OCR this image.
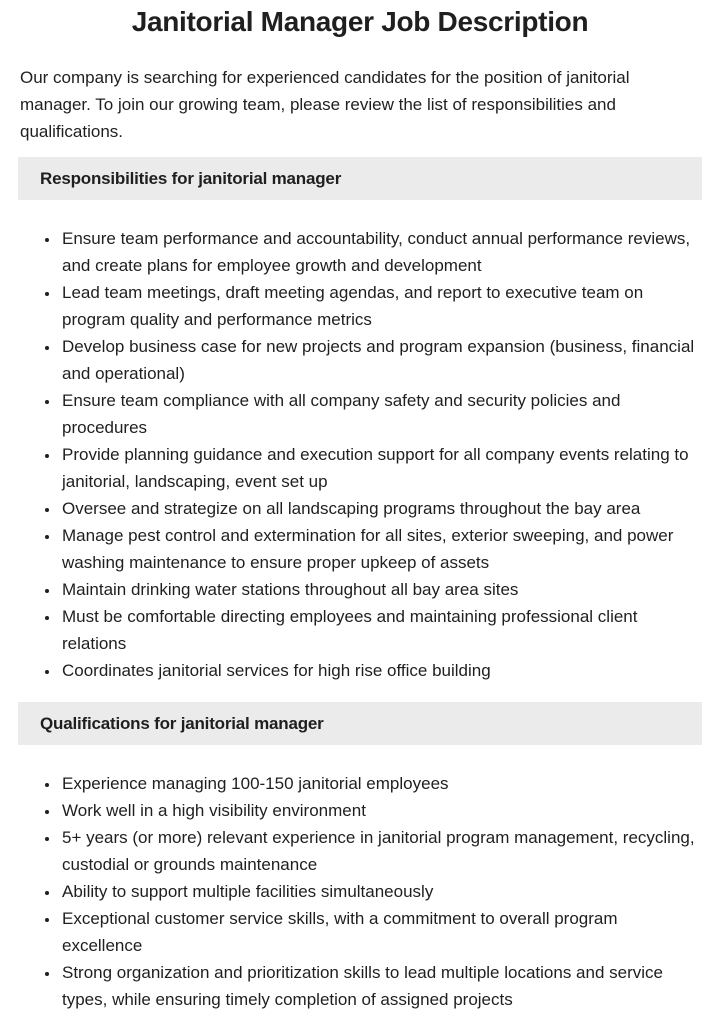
Janitorial Manager Job Description

Our company is searching for experienced candidates for the position of janitorial manager. To join our growing team, please review the list of responsibilities and qualifications.

Responsibilities for janitorial manager
• Ensure team performance and accountability, conduct annual performance reviews, and create plans for employee growth and development
• Lead team meetings, draft meeting agendas, and report to executive team on program quality and performance metrics
• Develop business case for new projects and program expansion (business, financial and operational)
• Ensure team compliance with all company safety and security policies and procedures
• Provide planning guidance and execution support for all company events relating to janitorial, landscaping, event set up
• Oversee and strategize on all landscaping programs throughout the bay area
• Manage pest control and extermination for all sites, exterior sweeping, and power washing maintenance to ensure proper upkeep of assets
• Maintain drinking water stations throughout all bay area sites
• Must be comfortable directing employees and maintaining professional client relations
• Coordinates janitorial services for high rise office building
Qualifications for janitorial manager
• Experience managing 100-150 janitorial employees
• Work well in a high visibility environment
• 5+ years (or more) relevant experience in janitorial program management, recycling, custodial or grounds maintenance
• Ability to support multiple facilities simultaneously
• Exceptional customer service skills, with a commitment to overall program excellence
• Strong organization and prioritization skills to lead multiple locations and service types, while ensuring timely completion of assigned projects
